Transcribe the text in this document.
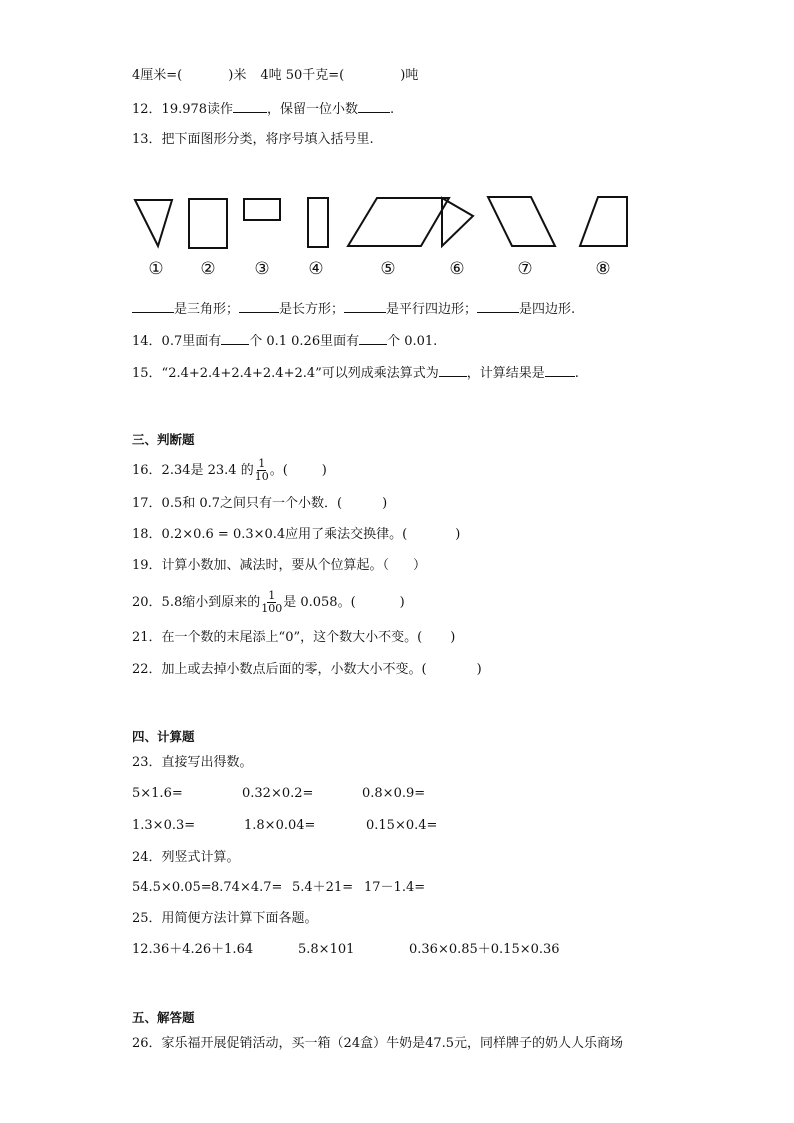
4厘米=(	)米 4吨 50千克=(	)吨
12．19.978读作	，保留一位小数 .
13．把下面图形分类，将序号填入括号里.
① ② ③ ④	⑤	⑥	⑦	⑧
是三角形；	是长方形；	是平行四边形；	是四边形.
14．0.7里面有 个 0.1 0.26里面有 个 0.01.
15．“2.4+2.4+2.4+2.4+2.4”可以列成乘法算式为 ，计算结果是 .
三、判断题
16．2.34是 23.4 的 $\frac{1}{10}$ 。(	)
17．0.5和 0.7之间只有一个小数．(	)
18．0.2×0.6 = 0.3×0.4应用了乘法交换律。(	)
19．计算小数加、减法时，要从个位算起。（ ）
20．5.8缩小到原来的 $\frac{1}{100}$ 是 0.058。(	)
21．在一个数的末尾添上“0”，这个数大小不变。( )
22．加上或去掉小数点后面的零，小数大小不变。(	)
四、计算题
23．直接写出得数。
5×1.6=	0.32×0.2=	0.8×0.9=
1.3×0.3=	1.8×0.04=	0.15×0.4=
24．列竖式计算。
54.5×0.05=8.74×4.7= 5.4＋21= 17－1.4=
25．用简便方法计算下面各题。
12.36＋4.26＋1.64	5.8×101	0.36×0.85＋0.15×0.36
五、解答题
26．家乐福开展促销活动，买一箱（24盒）牛奶是47.5元，同样牌子的奶人人乐商场
